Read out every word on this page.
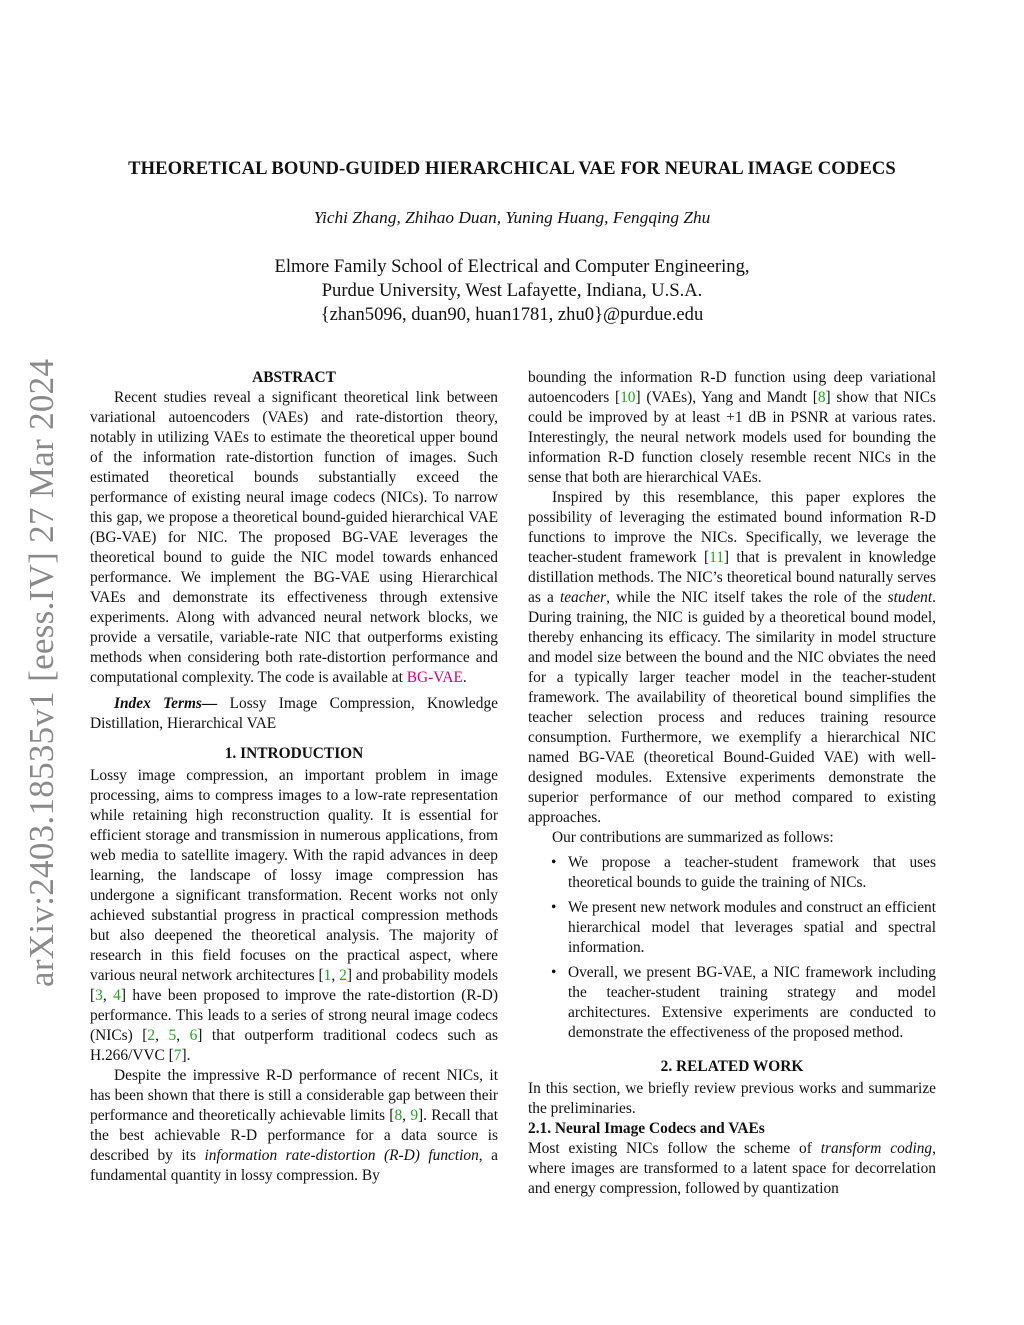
arXiv:2403.18535v1 [eess.IV] 27 Mar 2024
THEORETICAL BOUND-GUIDED HIERARCHICAL VAE FOR NEURAL IMAGE CODECS
Yichi Zhang, Zhihao Duan, Yuning Huang, Fengqing Zhu
Elmore Family School of Electrical and Computer Engineering,
Purdue University, West Lafayette, Indiana, U.S.A.
{zhan5096, duan90, huan1781, zhu0}@purdue.edu
ABSTRACT

Recent studies reveal a significant theoretical link between variational autoencoders (VAEs) and rate-distortion theory, notably in utilizing VAEs to estimate the theoretical upper bound of the information rate-distortion function of images. Such estimated theoretical bounds substantially exceed the performance of existing neural image codecs (NICs). To narrow this gap, we propose a theoretical bound-guided hierarchical VAE (BG-VAE) for NIC. The proposed BG-VAE leverages the theoretical bound to guide the NIC model towards enhanced performance. We implement the BG-VAE using Hierarchical VAEs and demonstrate its effectiveness through extensive experiments. Along with advanced neural network blocks, we provide a versatile, variable-rate NIC that outperforms existing methods when considering both rate-distortion performance and computational complexity. The code is available at BG-VAE.

Index Terms— Lossy Image Compression, Knowledge Distillation, Hierarchical VAE

1. INTRODUCTION

Lossy image compression, an important problem in image processing, aims to compress images to a low-rate representation while retaining high reconstruction quality. It is essential for efficient storage and transmission in numerous applications, from web media to satellite imagery. With the rapid advances in deep learning, the landscape of lossy image compression has undergone a significant transformation. Recent works not only achieved substantial progress in practical compression methods but also deepened the theoretical analysis. The majority of research in this field focuses on the practical aspect, where various neural network architectures [1, 2] and probability models [3, 4] have been proposed to improve the rate-distortion (R-D) performance. This leads to a series of strong neural image codecs (NICs) [2, 5, 6] that outperform traditional codecs such as H.266/VVC [7].

Despite the impressive R-D performance of recent NICs, it has been shown that there is still a considerable gap between their performance and theoretically achievable limits [8, 9]. Recall that the best achievable R-D performance for a data source is described by its information rate-distortion (R-D) function, a fundamental quantity in lossy compression. By

bounding the information R-D function using deep variational autoencoders [10] (VAEs), Yang and Mandt [8] show that NICs could be improved by at least +1 dB in PSNR at various rates. Interestingly, the neural network models used for bounding the information R-D function closely resemble recent NICs in the sense that both are hierarchical VAEs.

Inspired by this resemblance, this paper explores the possibility of leveraging the estimated bound information R-D functions to improve the NICs. Specifically, we leverage the teacher-student framework [11] that is prevalent in knowledge distillation methods. The NIC’s theoretical bound naturally serves as a teacher, while the NIC itself takes the role of the student. During training, the NIC is guided by a theoretical bound model, thereby enhancing its efficacy. The similarity in model structure and model size between the bound and the NIC obviates the need for a typically larger teacher model in the teacher-student framework. The availability of theoretical bound simplifies the teacher selection process and reduces training resource consumption. Furthermore, we exemplify a hierarchical NIC named BG-VAE (theoretical Bound-Guided VAE) with well-designed modules. Extensive experiments demonstrate the superior performance of our method compared to existing approaches.

Our contributions are summarized as follows:

• We propose a teacher-student framework that uses theoretical bounds to guide the training of NICs.
• We present new network modules and construct an efficient hierarchical model that leverages spatial and spectral information.
• Overall, we present BG-VAE, a NIC framework including the teacher-student training strategy and model architectures. Extensive experiments are conducted to demonstrate the effectiveness of the proposed method.
2. RELATED WORK

In this section, we briefly review previous works and summarize the preliminaries.

2.1. Neural Image Codecs and VAEs

Most existing NICs follow the scheme of transform coding, where images are transformed to a latent space for decorrelation and energy compression, followed by quantization
